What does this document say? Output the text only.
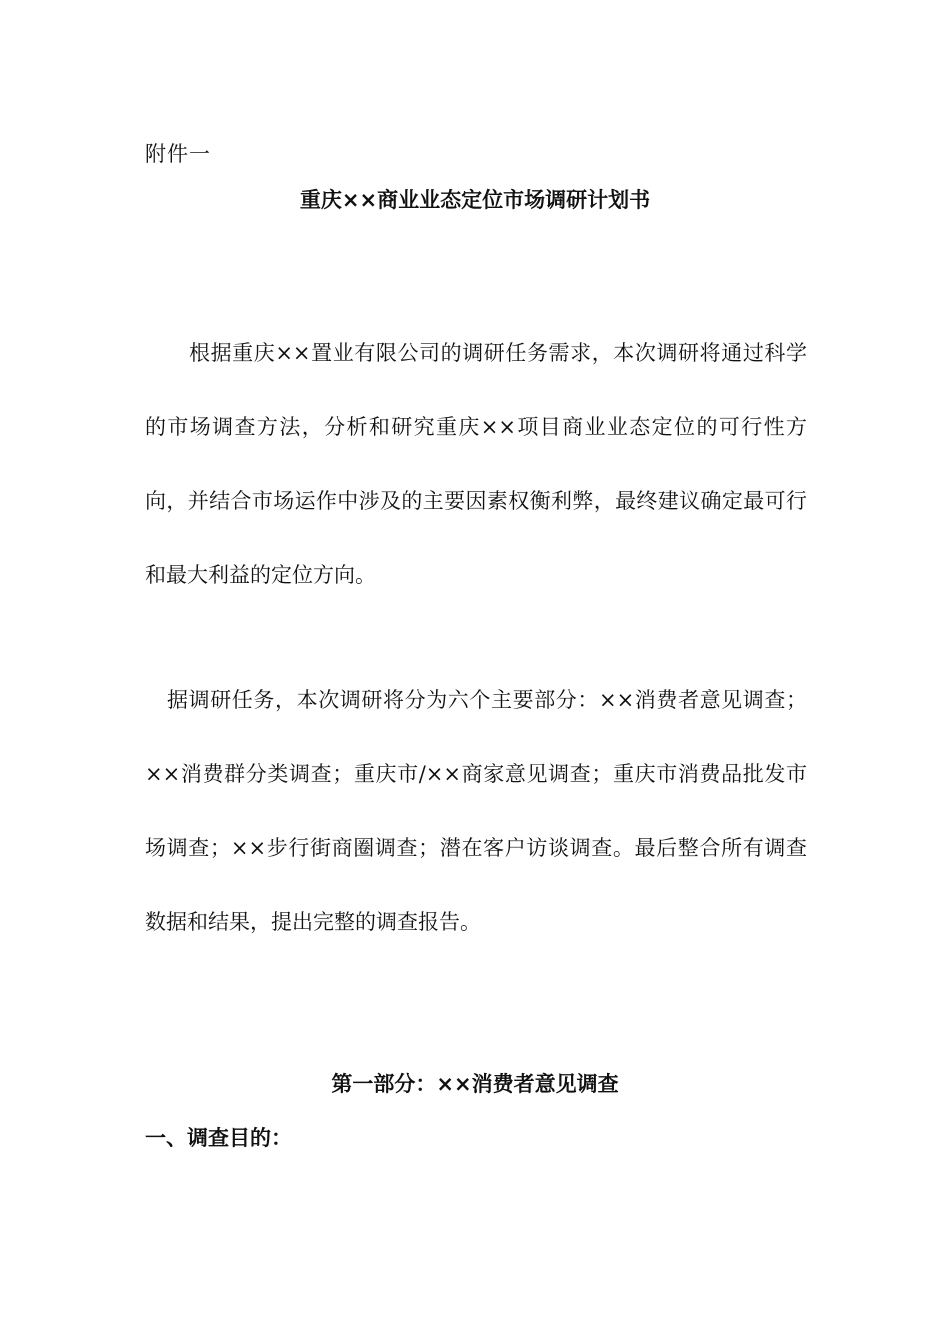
附件一
重庆××商业业态定位市场调研计划书

根据重庆××置业有限公司的调研任务需求，本次调研将通过科学的市场调查方法，分析和研究重庆××项目商业业态定位的可行性方向，并结合市场运作中涉及的主要因素权衡利弊，最终建议确定最可行和最大利益的定位方向。

据调研任务，本次调研将分为六个主要部分：××消费者意见调查；××消费群分类调查；重庆市/××商家意见调查；重庆市消费品批发市场调查；××步行街商圈调查；潜在客户访谈调查。最后整合所有调查数据和结果，提出完整的调查报告。

第一部分：××消费者意见调查
一、调查目的：
